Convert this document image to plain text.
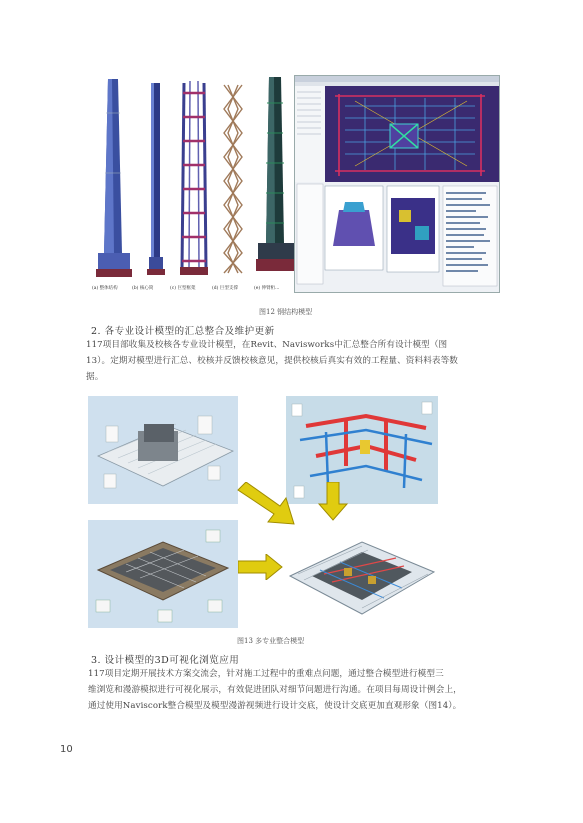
(a) 整体结构	(b) 核心筒	(c) 巨型框架	(d) 巨型支撑	(e) 伸臂桁...
图12 钢结构模型
2. 各专业设计模型的汇总整合及维护更新
117项目部收集及校核各专业设计模型，在Revit、Navisworks中汇总整合所有设计模型（图
13）。定期对模型进行汇总、校核并反馈校核意见，提供校核后真实有效的工程量、资料料表等数
据。
图13 多专业整合模型
3. 设计模型的3D可视化浏览应用
117项目定期开展技术方案交流会，针对施工过程中的重难点问题，通过整合模型进行模型三
维浏览和漫游模拟进行可视化展示，有效促进团队对细节问题进行沟通。在项目每周设计例会上，
通过使用Naviscork整合模型及模型漫游视频进行设计交底，使设计交底更加直观形象（图14）。
10
